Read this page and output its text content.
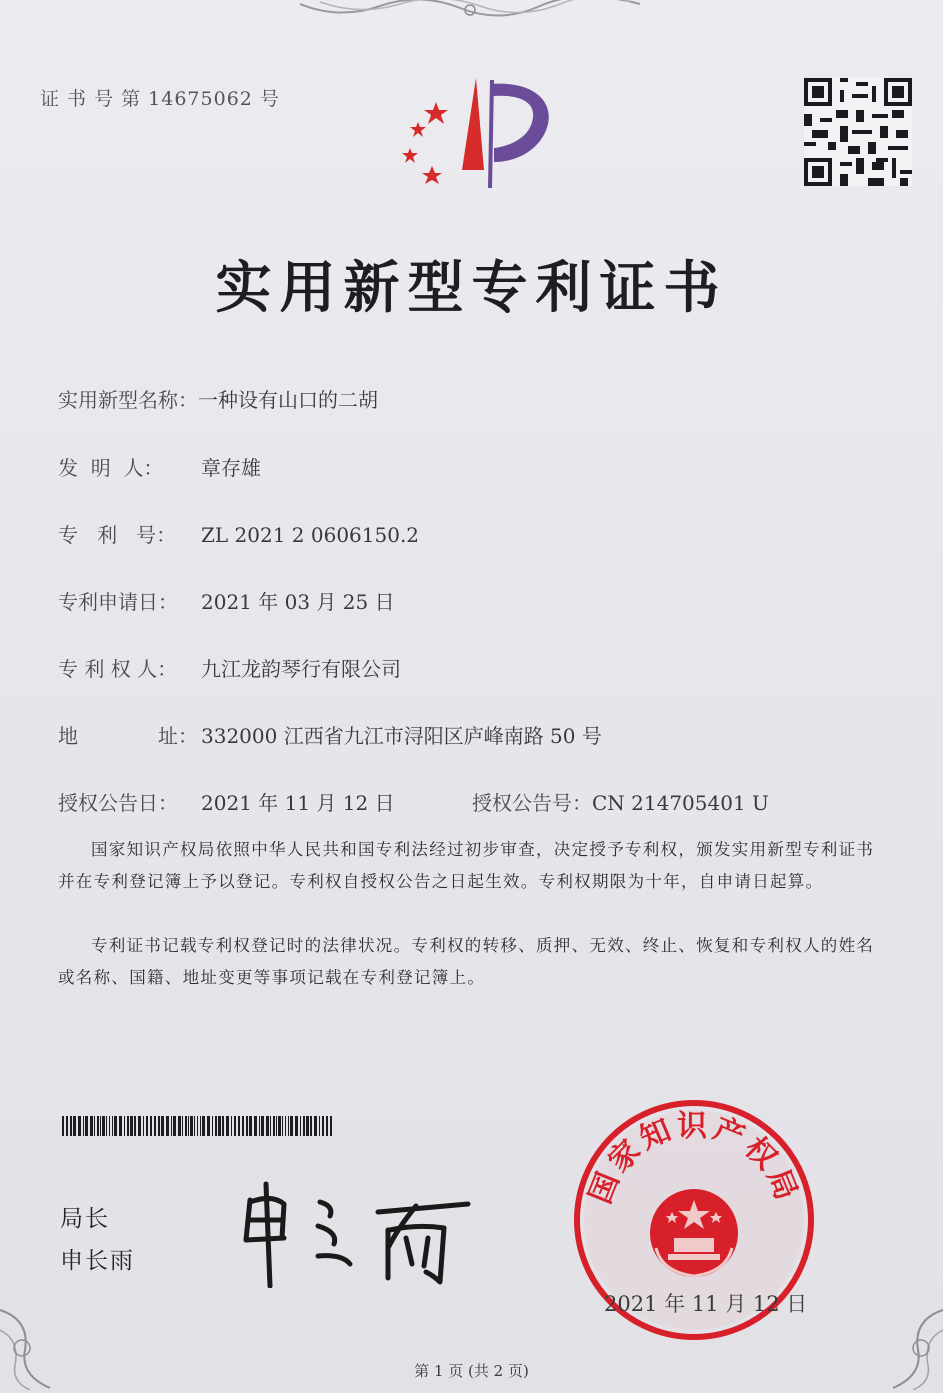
证 书 号 第 14675062 号
实用新型专利证书
实用新型名称：一种设有山口的二胡
发  明  人： 章存雄
专   利   号： ZL 2021 2 0606150.2
专利申请日： 2021 年 03 月 25 日
专 利 权 人： 九江龙韵琴行有限公司
地	址： 332000 江西省九江市浔阳区庐峰南路 50 号
授权公告日： 2021 年 11 月 12 日	授权公告号：CN 214705401 U
国家知识产权局依照中华人民共和国专利法经过初步审查，决定授予专利权，颁发实用新型专利证书并在专利登记簿上予以登记。专利权自授权公告之日起生效。专利权期限为十年，自申请日起算。
专利证书记载专利权登记时的法律状况。专利权的转移、质押、无效、终止、恢复和专利权人的姓名或名称、国籍、地址变更等事项记载在专利登记簿上。
局长
申长雨
国家知识产权局
2021 年 11 月 12 日
第 1 页 (共 2 页)
